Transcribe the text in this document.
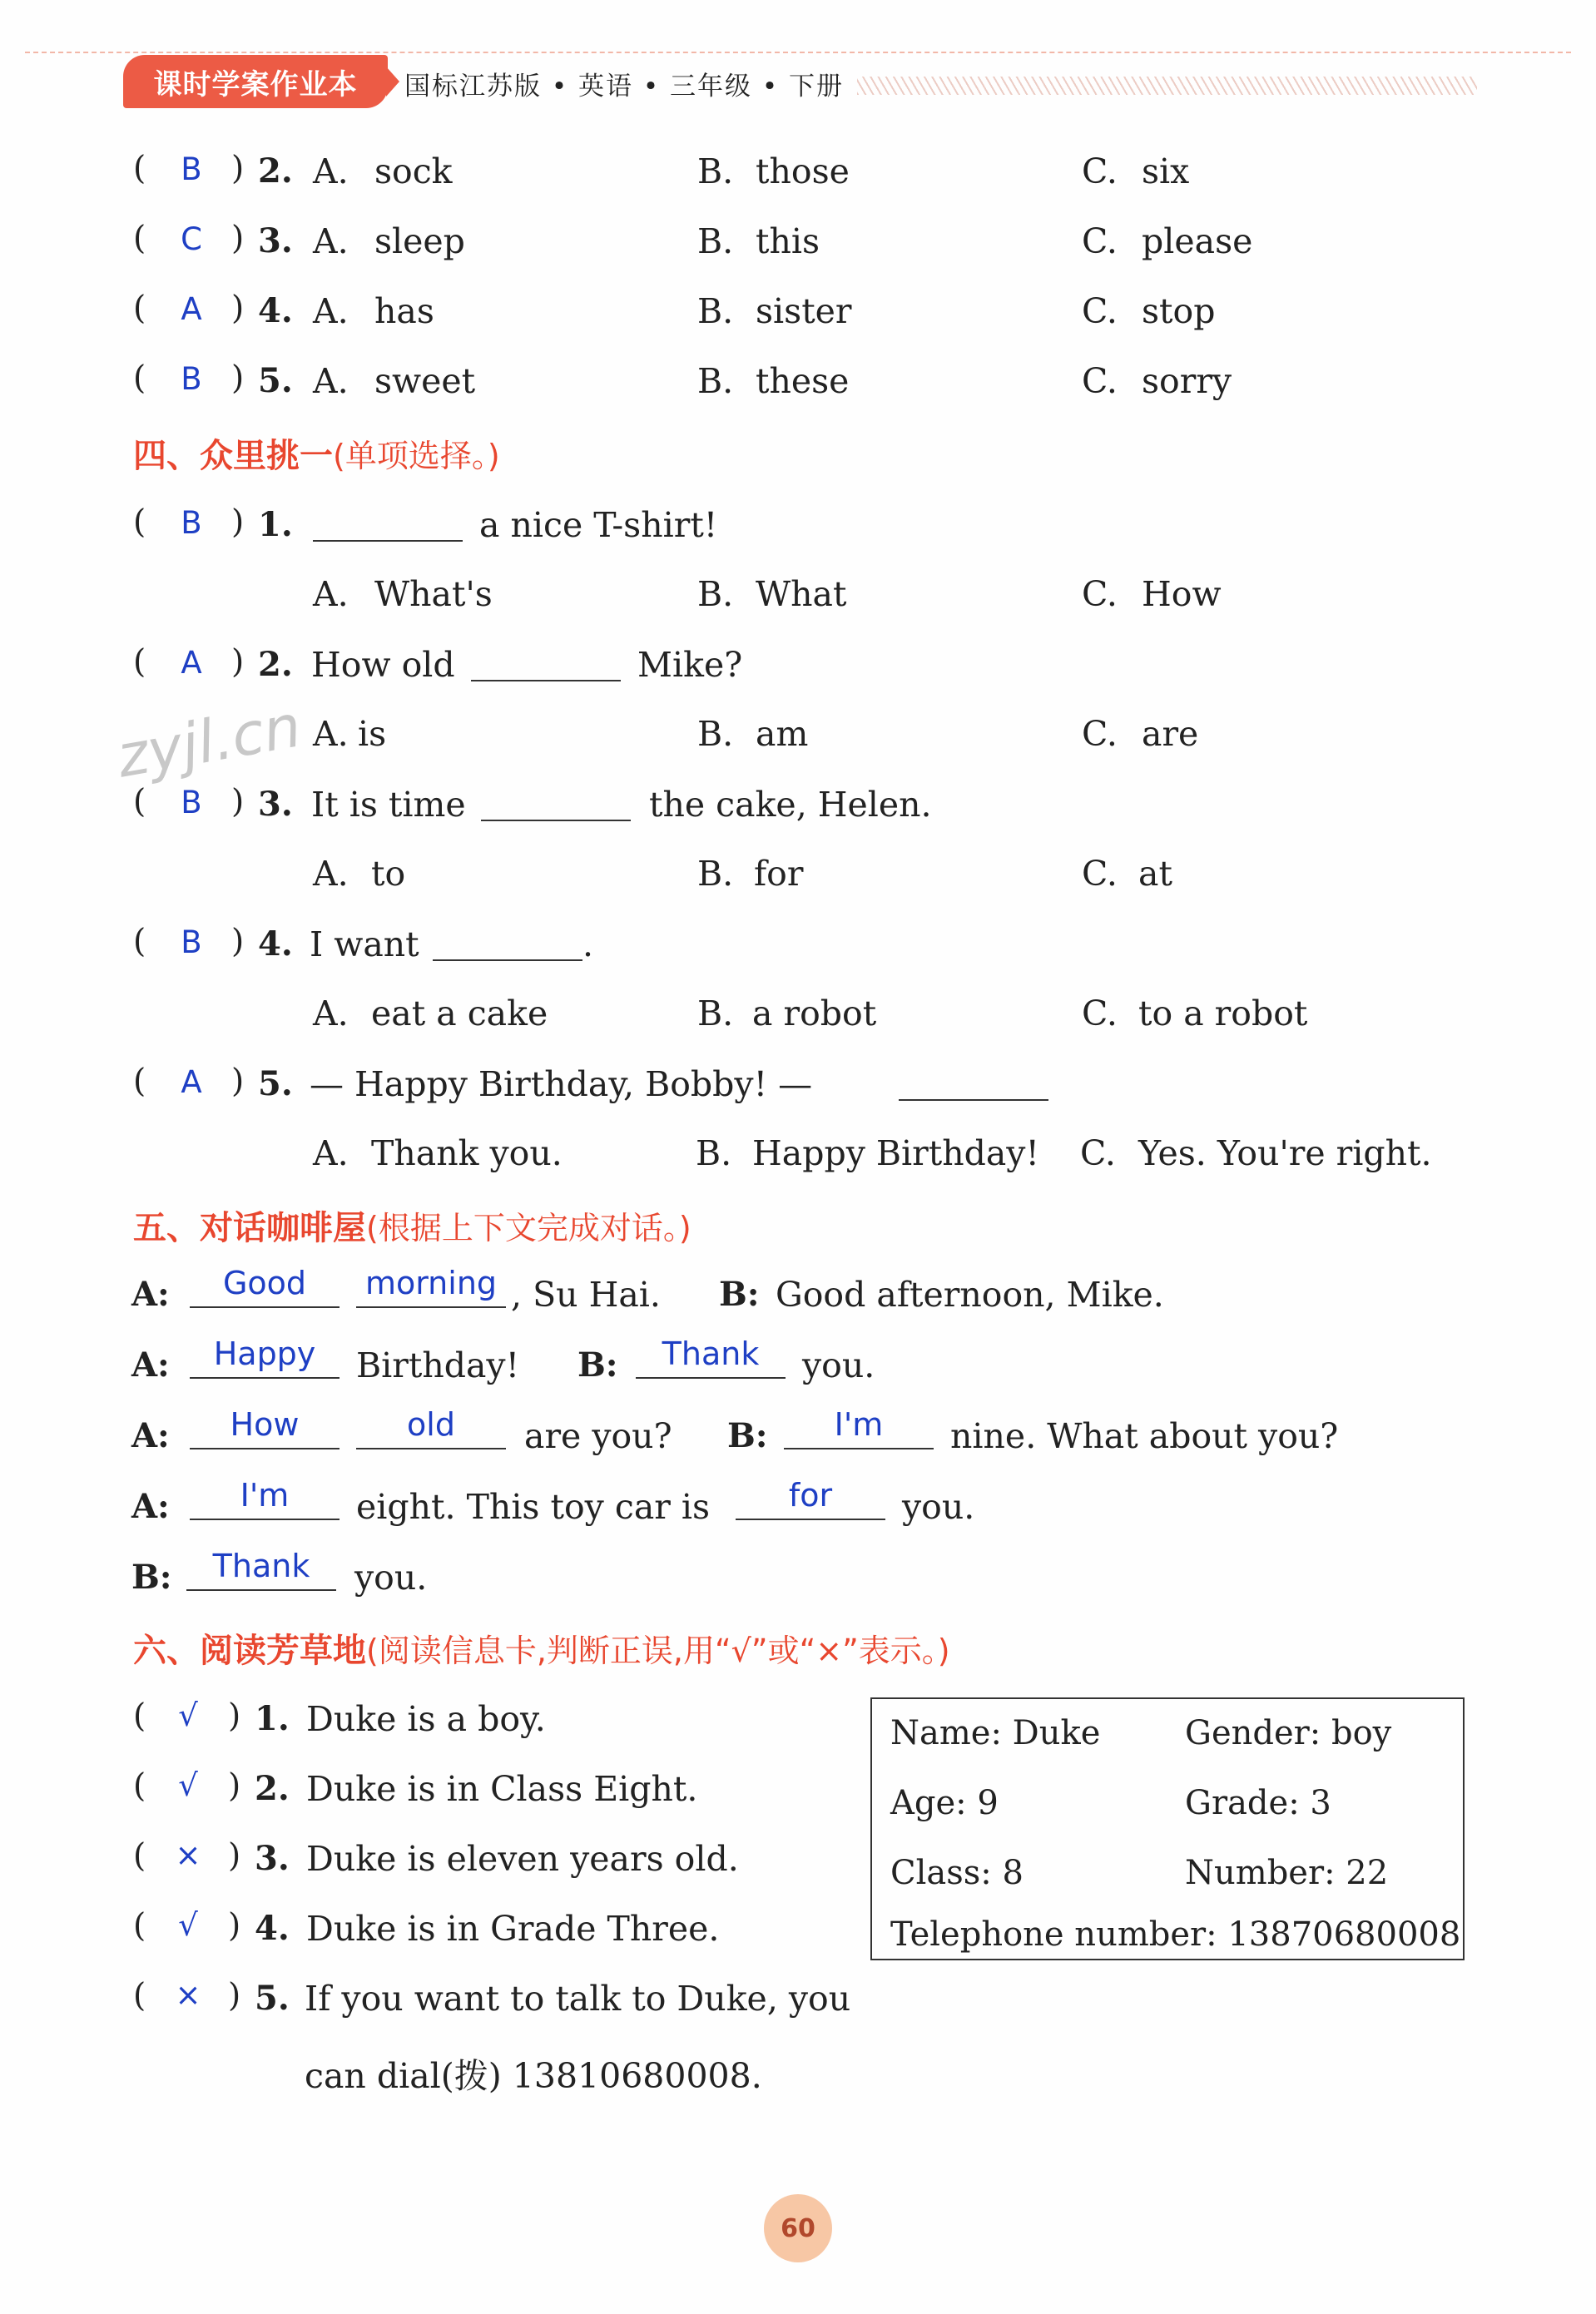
课时学案作业本	国标江苏版 • 英语 • 三年级 • 下册
(	B ) 2. A. sock	B. those	C. six
(	C ) 3. A. sleep	B. this	C. please
(	A ) 4. A. has	B. sister	C. stop
(	B ) 5. A. sweet	B. these	C. sorry
四、众里挑一(单项选择。)
(	B ) 1.	a nice T-shirt!
A. What's	B. What	C. How
(	A ) 2. How old	Mike?
A. is	B. am	C. are
(	B ) 3. It is time	the cake, Helen.
A. to	B. for	C. at
(	B ) 4. I want	.
A. eat a cake	B. a robot	C. to a robot
(	A ) 5. — Happy Birthday, Bobby! —
A. Thank you.	B. Happy Birthday! C. Yes. You're right.
五、对话咖啡屋(根据上下文完成对话。)
A:	Good	morning , Su Hai. B: Good afternoon, Mike.
A:	Happy	Birthday! B:	Thank	you.
A:	How	old	are you? B:	I'm	nine. What about you?
A:	I'm	eight. This toy car is	for	you.
B:	Thank	you.
六、阅读芳草地(阅读信息卡,判断正误,用“√”或“×”表示。)
(	√ ) 1. Duke is a boy.
(	√ ) 2. Duke is in Class Eight.
( × ) 3. Duke is eleven years old.
(	√ ) 4. Duke is in Grade Three.
( × ) 5. If you want to talk to Duke, you
can dial(拨) 13810680008.
Name: Duke	Gender: boy
Age: 9	Grade: 3
Class: 8	Number: 22
Telephone number: 13870680008
zyjl.cn
60
